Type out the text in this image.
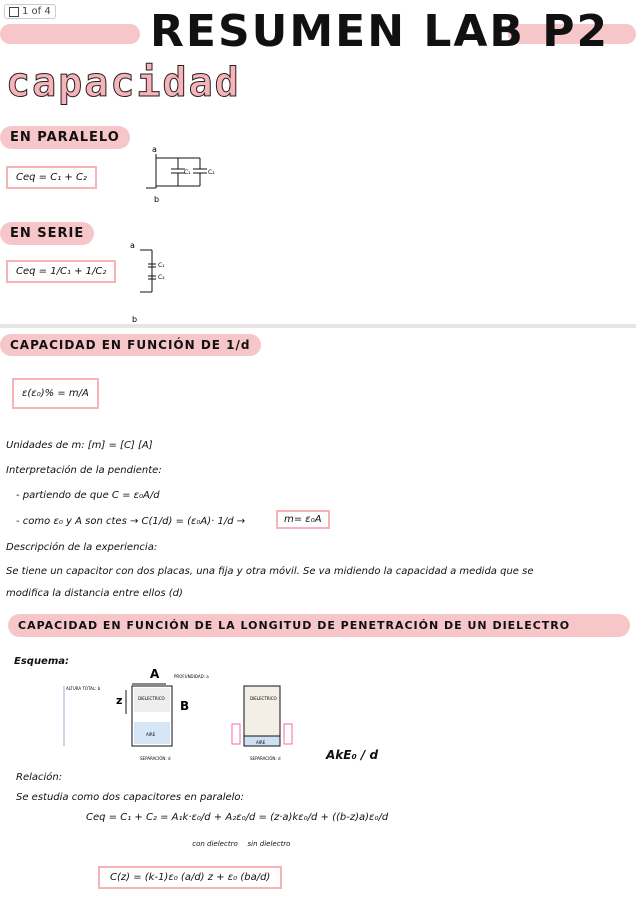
1 of 4 RESUMEN LAB P2
capacidad
EN PARALELO
Ceq = C₁ + C₂
a
b
C₁	C₂
EN SERIE
Ceq = 1/C₁ + 1/C₂
a
b
C₁
C₂
CAPACIDAD EN FUNCIÓN DE 1/d
ε(ε₀)% = m/A
Unidades de m: [m] = [C] [A]
Interpretación de la pendiente:
- partiendo de que C = ε₀A/d
- como ε₀ y A son ctes → C(1/d) = (ε₀A)· 1/d →	m= ε₀A
Descripción de la experiencia:
Se tiene un capacitor con dos placas, una fija y otra móvil. Se va midiendo la capacidad a medida que se
modifica la distancia entre ellos (d)
CAPACIDAD EN FUNCIÓN DE LA LONGITUD DE PENETRACIÓN DE UN DIELECTRO
Esquema:
ALTURA TOTAL: b
A	PROFUNDIDAD: a
z	DIELECTRICO
AIRE
B
SEPARACIÓN: d
DIELECTRICO
AIRE
SEPARACIÓN: d	AkE₀ / d
Relación:
Se estudia como dos capacitores en paralelo:
Ceq = C₁ + C₂ = A₁k·ε₀/d + A₂ε₀/d = (z·a)kε₀/d + ((b-z)a)ε₀/d
con dielectro	sin dielectro
C(z) = (k-1)ε₀ (a/d) z + ε₀ (ba/d)
